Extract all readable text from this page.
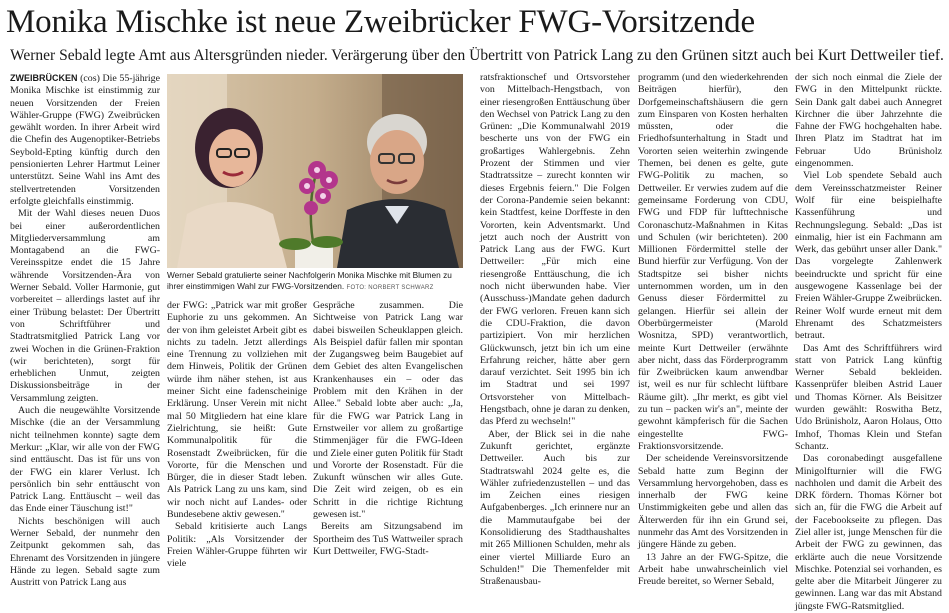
Monika Mischke ist neue Zweibrücker FWG-Vorsitzende
Werner Sebald legte Amt aus Altersgründen nieder. Verärgerung über den Übertritt von Patrick Lang zu den Grünen sitzt auch bei Kurt Dettweiler tief.

ZWEIBRÜCKEN (cos) Die 55-jährige Monika Mischke ist einstimmig zur neuen Vorsitzenden der Freien Wähler-Gruppe (FWG) Zweibrücken gewählt worden. In ihrer Arbeit wird die Chefin des Augenoptiker-Betriebs Seybold-Epting künftig durch den pensionierten Lehrer Hartmut Leiner unterstützt. Seine Wahl ins Amt des stellvertretenden Vorsitzenden erfolgte gleichfalls einstimmig.

Mit der Wahl dieses neuen Duos bei einer außerordentlichen Mitgliederversammlung am Montagabend an die FWG-Vereinsspitze endet die 15 Jahre währende Vorsitzenden-Ära von Werner Sebald. Voller Harmonie, gut vorbereitet – allerdings lastet auf ihr einer Trübung belastet: Der Übertritt von Schriftführer und Stadtratsmitglied Patrick Lang vor zwei Wochen in die Grünen-Fraktion (wir berichteten), sorgt für erheblichen Unmut, zeigten Diskussionsbeiträge in der Versammlung zeigten.

Auch die neugewählte Vorsitzende Mischke (die an der Versammlung nicht teilnehmen konnte) sagte dem Merkur: „Klar, wir alle von der FWG sind enttäuscht. Das ist für uns von der FWG ein klarer Verlust. Ich persönlich bin sehr enttäuscht von Patrick Lang. Enttäuscht – weil das das Ende einer Täuschung ist!"

Nichts beschönigen will auch Werner Sebald, der nunmehr den Zeitpunkt gekommen sah, das Ehrenamt des Vorsitzenden in jüngere Hände zu legen. Sebald sagte zum Austritt von Patrick Lang aus

Werner Sebald gratulierte seiner Nachfolgerin Monika Mischke mit Blumen zu ihrer einstimmigen Wahl zur FWG-Vorsitzenden. FOTO: NORBERT SCHWARZ

der FWG: „Patrick war mit großer Euphorie zu uns gekommen. An der von ihm geleistet Arbeit gibt es nichts zu tadeln. Jetzt allerdings eine Trennung zu vollziehen mit dem Hinweis, Politik der Grünen würde ihm näher stehen, ist aus meiner Sicht eine fadenscheinige Erklärung. Unser Verein mit nicht mal 50 Mitgliedern hat eine klare Zielrichtung, sie heißt: Gute Kommunalpolitik für die Rosenstadt Zweibrücken, für die Vororte, für die Menschen und Bürger, die in dieser Stadt leben. Als Patrick Lang zu uns kam, sind wir noch nicht auf Landes- oder Bundesebene aktiv gewesen."

Sebald kritisierte auch Langs Politik: „Als Vorsitzender der Freien Wähler-Gruppe führten wir viele

Gespräche zusammen. Die Sichtweise von Patrick Lang war dabei bisweilen Scheuklappen gleich. Als Beispiel dafür fallen mir spontan der Zugangsweg beim Baugebiet auf dem Gebiet des alten Evangelischen Krankenhauses ein – oder das Problem mit den Krähen in der Allee." Sebald lobte aber auch: „Ja, für die FWG war Patrick Lang in Ernstweiler vor allem zu großartige Stimmenjäger für die FWG-Ideen und Ziele einer guten Politik für Stadt und Vororte der Rosenstadt. Für die Zukunft wünschen wir alles Gute. Die Zeit wird zeigen, ob es ein Schritt in die richtige Richtung gewesen ist."

Bereits am Sitzungsabend im Sportheim des TuS Wattweiler sprach Kurt Dettweiler, FWG-Stadt-

ratsfraktionschef und Ortsvorsteher von Mittelbach-Hengstbach, von einer riesengroßen Enttäuschung über den Wechsel von Patrick Lang zu den Grünen: „Die Kommunalwahl 2019 bescherte uns von der FWG ein großartiges Wahlergebnis. Zehn Prozent der Stimmen und vier Stadtratssitze – zurecht konnten wir dieses Ergebnis feiern." Die Folgen der Corona-Pandemie seien bekannt: kein Stadtfest, keine Dorffeste in den Vororten, kein Adventsmarkt. Und jetzt auch noch der Austritt von Patrick Lang aus der FWG. Kurt Dettweiler: „Für mich eine riesengroße Enttäuschung, die ich noch nicht überwunden habe. Vier (Ausschuss-)Mandate gehen dadurch der FWG verloren. Freuen kann sich die CDU-Fraktion, die davon partizipiert. Von mir herzlichen Glückwunsch, jetzt bin ich um eine Erfahrung reicher, hätte aber gern darauf verzichtet. Seit 1995 bin ich im Stadtrat und sei 1997 Ortsvorsteher von Mittelbach-Hengstbach, ohne je daran zu denken, das Pferd zu wechseln!"

Aber, der Blick sei in die nahe Zukunft gerichtet, ergänzte Dettweiler. Auch bis zur Stadtratswahl 2024 gelte es, die Wähler zufriedenzustellen – und das im Zeichen eines riesigen Aufgabenberges. „Ich erinnere nur an die Mammutaufgabe bei der Konsolidierung des Stadthaushaltes mit 265 Millionen Schulden, mehr als einer viertel Milliarde Euro an Schulden!" Die Themenfelder mit Straßenausbau-

programm (und den wiederkehrenden Beiträgen hierfür), den Dorfgemeinschaftshäusern die gern zum Einsparen von Kosten herhalten müssten, oder die Friedhofsunterhaltung in Stadt und Vororten seien weiterhin zwingende Themen, bei denen es gelte, gute FWG-Politik zu machen, so Dettweiler. Er verwies zudem auf die gemeinsame Forderung von CDU, FWG und FDP für lufttechnische Coronaschutz-Maßnahmen in Kitas und Schulen (wir berichteten). 200 Millionen Fördermittel stelle der Bund hierfür zur Verfügung. Von der Stadtspitze sei bisher nichts unternommen worden, um in den Genuss dieser Fördermittel zu gelangen. Hierfür sei allein der Oberbürgermeister (Marold Wosnitza, SPD) verantwortlich, meinte Kurt Dettweiler (erwähnte aber nicht, dass das Förderprogramm für Zweibrücken kaum anwendbar ist, weil es nur für schlecht lüftbare Räume gilt). „Ihr merkt, es gibt viel zu tun – packen wir's an", meinte der gewohnt kämpferisch für die Sachen eingestellte FWG-Fraktionsvorsitzende.

Der scheidende Vereinsvorsitzende Sebald hatte zum Beginn der Versammlung hervorgehoben, dass es innerhalb der FWG keine Unstimmigkeiten gebe und allen das Älterwerden für ihn ein Grund sei, nunmehr das Amt des Vorsitzenden in jüngere Hände zu geben.

13 Jahre an der FWG-Spitze, die Arbeit habe unwahrscheinlich viel Freude bereitet, so Werner Sebald,

der sich noch einmal die Ziele der FWG in den Mittelpunkt rückte. Sein Dank galt dabei auch Annegret Kirchner die über Jahrzehnte die Fahne der FWG hochgehalten habe. Ihren Platz im Stadtrat hat im Februar Udo Brünisholz eingenommen.

Viel Lob spendete Sebald auch dem Vereinsschatzmeister Reiner Wolf für eine beispielhafte Kassenführung und Rechnungslegung. Sebald: „Das ist einmalig, hier ist ein Fachmann am Werk, das gebührt unser aller Dank." Das vorgelegte Zahlenwerk beeindruckte und spricht für eine ausgewogene Kassenlage bei der Freien Wähler-Gruppe Zweibrücken. Reiner Wolf wurde erneut mit dem Ehrenamt des Schatzmeisters betraut.

Das Amt des Schriftführers wird statt von Patrick Lang künftig Werner Sebald bekleiden. Kassenprüfer bleiben Astrid Lauer und Thomas Körner. Als Beisitzer wurden gewählt: Roswitha Betz, Udo Brünisholz, Aaron Holaus, Otto Imhof, Thomas Klein und Stefan Schantz.

Das coronabedingt ausgefallene Minigolfturnier will die FWG nachholen und damit die Arbeit des DRK fördern. Thomas Körner bot sich an, für die FWG die Arbeit auf der Facebookseite zu pflegen. Das Ziel aller ist, junge Menschen für die Arbeit der FWG zu gewinnen, das erklärte auch die neue Vorsitzende Mischke. Potenzial sei vorhanden, es gelte aber die Mitarbeit Jüngerer zu gewinnen. Lang war das mit Abstand jüngste FWG-Ratsmitglied.
